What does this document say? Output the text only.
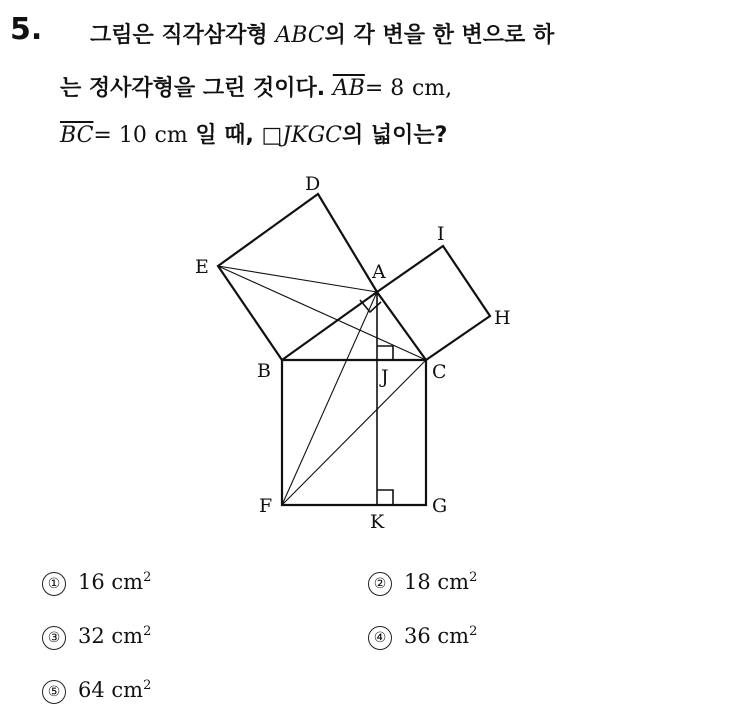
5. 그림은 직각삼각형 ABC의 각 변을 한 변으로 하
는 정사각형을 그린 것이다. $\overline{AB}= 8$ cm,
$\overline{BC}= 10$ cm 일 때, □JKGC의 넓이는?
D
E	A
I
H
B	J C
F
K
G
① 16 $cm^2$	② 18 $cm^2$
③ 32 $cm^2$	④ 36 $cm^2$
⑤ 64 $cm^2$
